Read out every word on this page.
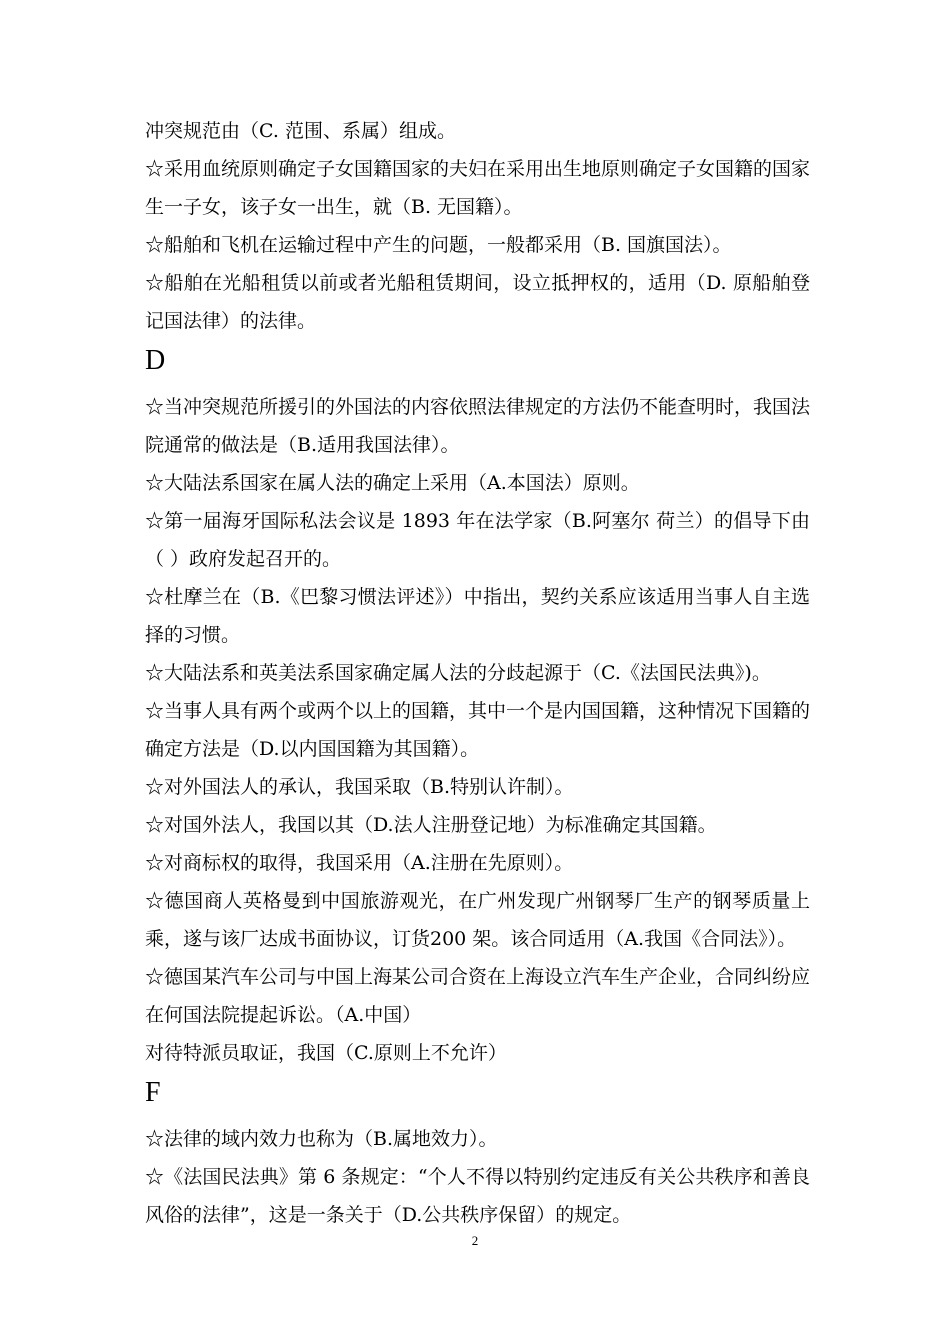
冲突规范由（C. 范围、系属）组成。

☆采用血统原则确定子女国籍国家的夫妇在采用出生地原则确定子女国籍的国家生一子女，该子女一出生，就（B. 无国籍）。

☆船舶和飞机在运输过程中产生的问题，一般都采用（B. 国旗国法）。

☆船舶在光船租赁以前或者光船租赁期间，设立抵押权的，适用（D. 原船舶登记国法律）的法律。

D

☆当冲突规范所援引的外国法的内容依照法律规定的方法仍不能查明时，我国法院通常的做法是（B.适用我国法律）。

☆大陆法系国家在属人法的确定上采用（A.本国法）原则。

☆第一届海牙国际私法会议是 1893 年在法学家（B.阿塞尔 荷兰）的倡导下由（ ）政府发起召开的。

☆杜摩兰在（B.《巴黎习惯法评述》）中指出，契约关系应该适用当事人自主选择的习惯。

☆大陆法系和英美法系国家确定属人法的分歧起源于（C.《法国民法典》)。

☆当事人具有两个或两个以上的国籍，其中一个是内国国籍，这种情况下国籍的确定方法是（D.以内国国籍为其国籍）。

☆对外国法人的承认，我国采取（B.特别认许制）。

☆对国外法人，我国以其（D.法人注册登记地）为标准确定其国籍。

☆对商标权的取得，我国采用（A.注册在先原则）。

☆德国商人英格曼到中国旅游观光，在广州发现广州钢琴厂生产的钢琴质量上乘，遂与该厂达成书面协议，订货200 架。该合同适用（A.我国《合同法》）。

☆德国某汽车公司与中国上海某公司合资在上海设立汽车生产企业，合同纠纷应在何国法院提起诉讼。（A.中国）

对待特派员取证，我国（C.原则上不允许）

F

☆法律的域内效力也称为（B.属地效力）。

☆《法国民法典》第 6 条规定：“个人不得以特别约定违反有关公共秩序和善良风俗的法律”，这是一条关于（D.公共秩序保留）的规定。

2
